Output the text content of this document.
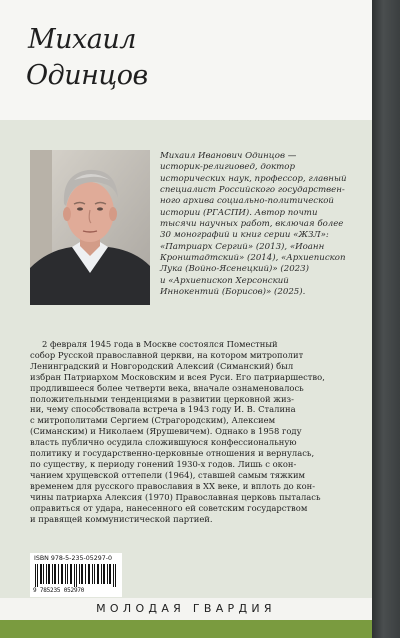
Михаил
Одинцов
Михаил Иванович Одинцов —
историк-религиовед, доктор
исторических наук, профессор, главный
специалист Российского государствен-
ного архива социально-политической
истории (РГАСПИ). Автор почти
тысячи научных работ, включая более
30 монографий и книг серии «ЖЗЛ»:
«Патриарх Сергий» (2013), «Иоанн
Кронштадтский» (2014), «Архиепископ
Лука (Войно-Ясенецкий)» (2023)
и «Архиепископ Херсонский
Иннокентий (Борисов)» (2025).
2 февраля 1945 года в Москве состоялся Поместный
собор Русской православной церкви, на котором митрополит
Ленинградский и Новгородский Алексий (Симанский) был
избран Патриархом Московским и всея Руси. Его патриаршество,
продлившееся более четверти века, вначале ознаменовалось
положительными тенденциями в развитии церковной жиз-
ни, чему способствовала встреча в 1943 году И. В. Сталина
с митрополитами Сергием (Страгородским), Алексием
(Симанским) и Николаем (Ярушевичем). Однако в 1958 году
власть публично осудила сложившуюся конфессиональную
политику и государственно-церковные отношения и вернулась,
по существу, к периоду гонений 1930-х годов. Лишь с окон-
чанием хрущевской оттепели (1964), ставшей самым тяжким
временем для русского православия в XX веке, и вплоть до кон-
чины патриарха Алексия (1970) Православная церковь пыталась
оправиться от удара, нанесенного ей советским государством
и правящей коммунистической партией.
ISBN 978-5-235-05297-0
9 785235 052970
МОЛОДАЯ ГВАРДИЯ
